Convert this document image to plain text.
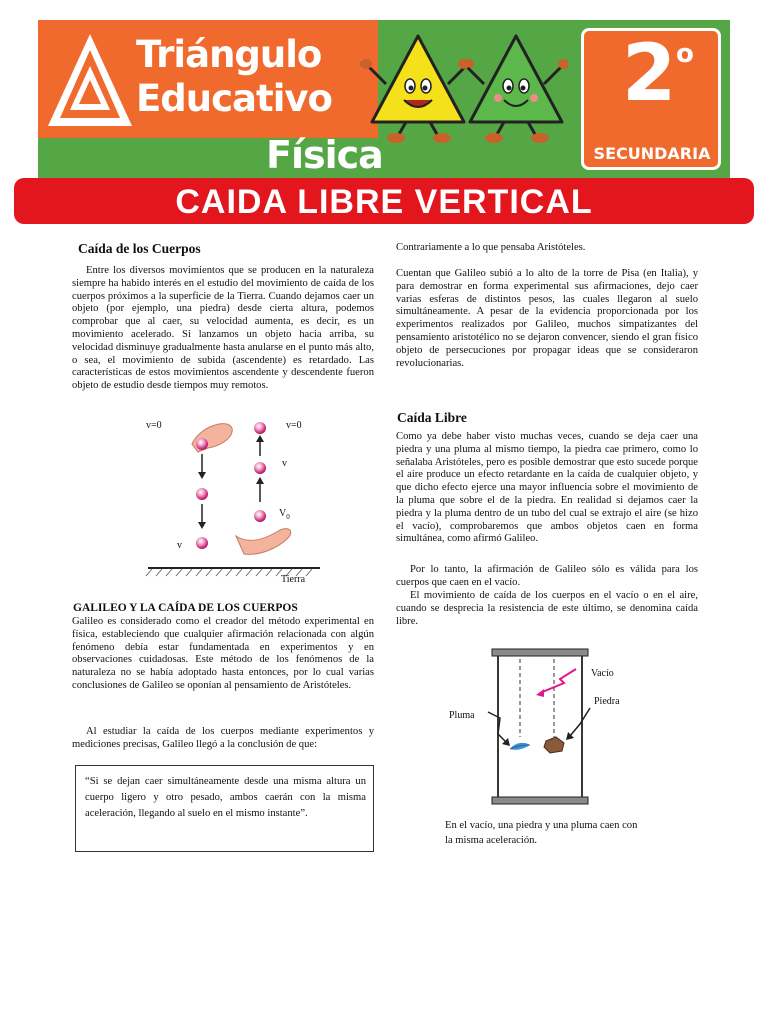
Triángulo
Educativo
Física
2 o
SECUNDARIA
CAIDA LIBRE VERTICAL
Caída de los Cuerpos
Entre los diversos movimientos que se producen en la naturaleza siempre ha habido interés en el estudio del movimiento de caída de los cuerpos próximos a la superficie de la Tierra. Cuando dejamos caer un objeto (por ejemplo, una piedra) desde cierta altura, podemos comprobar que al caer, su velocidad aumenta, es decir, es un movimiento acelerado. Si lanzamos un objeto hacia arriba, su velocidad disminuye gradualmente hasta anularse en el punto más alto, o sea, el movimiento de subida (ascendente) es retardado. Las características de estos movimientos ascendente y descendente fueron objeto de estudio desde tiempos muy remotos.
v=0	v=0
v
$V_0$
v
Tierra
GALILEO Y LA CAÍDA DE LOS CUERPOS
Galileo es considerado como el creador del método experimental en física, estableciendo que cualquier afirmación relacionada con algún fenómeno debía estar fundamentada en experimentos y en observaciones cuidadosas. Este método de los fenómenos de la naturaleza no se había adoptado hasta entonces, por lo cual varias conclusiones de Galileo se oponían al pensamiento de Aristóteles.
Al estudiar la caída de los cuerpos mediante experimentos y mediciones precisas, Galileo llegó a la conclusión de que:
“Si se dejan caer simultáneamente desde una misma altura un cuerpo ligero y otro pesado, ambos caerán con la misma aceleración, llegando al suelo en el mismo instante”.
Contrariamente a lo que pensaba Aristóteles.
Cuentan que Galileo subió a lo alto de la torre de Pisa (en Italia), y para demostrar en forma experimental sus afirmaciones, dejo caer varias esferas de distintos pesos, las cuales llegaron al suelo simultáneamente. A pesar de la evidencia proporcionada por los experimentos realizados por Galileo, muchos simpatizantes del pensamiento aristotélico no se dejaron convencer, siendo el gran físico objeto de persecuciones por propagar ideas que se consideraron revolucionarias.
Caída Libre
Como ya debe haber visto muchas veces, cuando se deja caer una piedra y una pluma al mismo tiempo, la piedra cae primero, como lo señalaba Aristóteles, pero es posible demostrar que esto sucede porque el aire produce un efecto retardante en la caída de cualquier objeto, y que dicho efecto ejerce una mayor influencia sobre el movimiento de la pluma que sobre el de la piedra. En realidad si dejamos caer la piedra y la pluma dentro de un tubo del cual se extrajo el aire (se hizo el vacío), comprobaremos que ambos objetos caen en forma simultánea, como afirmó Galileo.
Por lo tanto, la afirmación de Galileo sólo es válida para los cuerpos que caen en el vacío.
El movimiento de caída de los cuerpos en el vacío o en el aire, cuando se desprecia la resistencia de este último, se denomina caída libre.
Vacío
Piedra
Pluma
En el vacío, una piedra y una pluma caen con la misma aceleración.
